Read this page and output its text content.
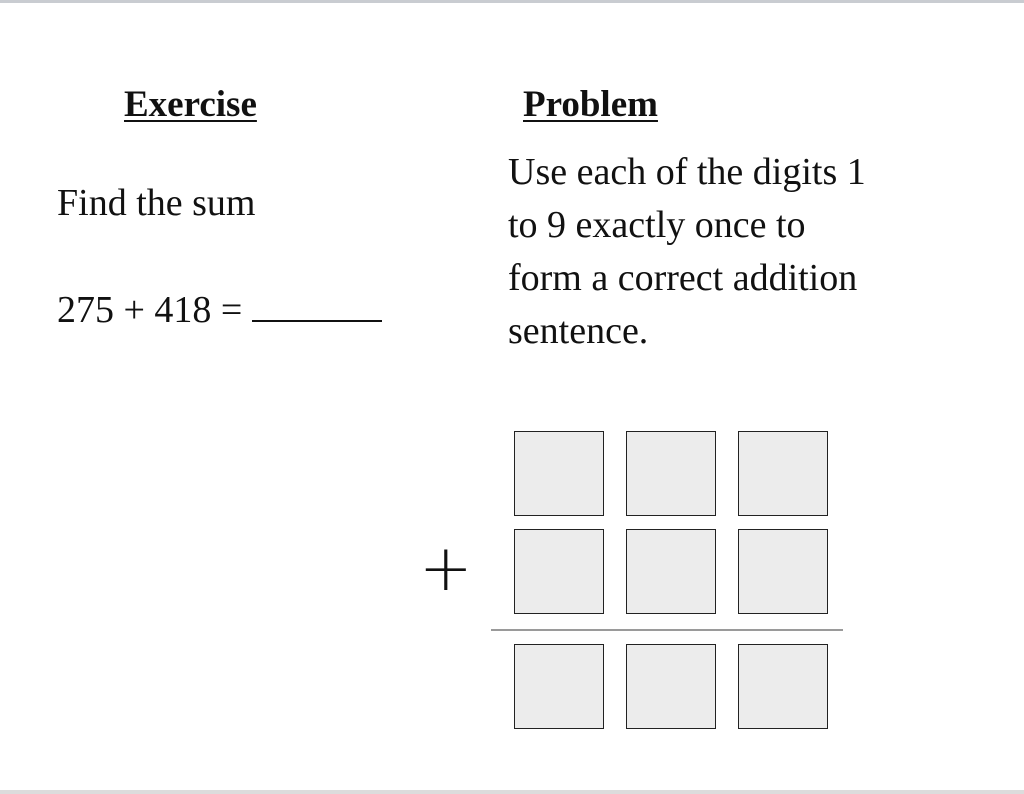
Exercise	Problem
Find the sum
275 + 418 =
Use each of the digits 1
to 9 exactly once to
form a correct addition
sentence.
+
